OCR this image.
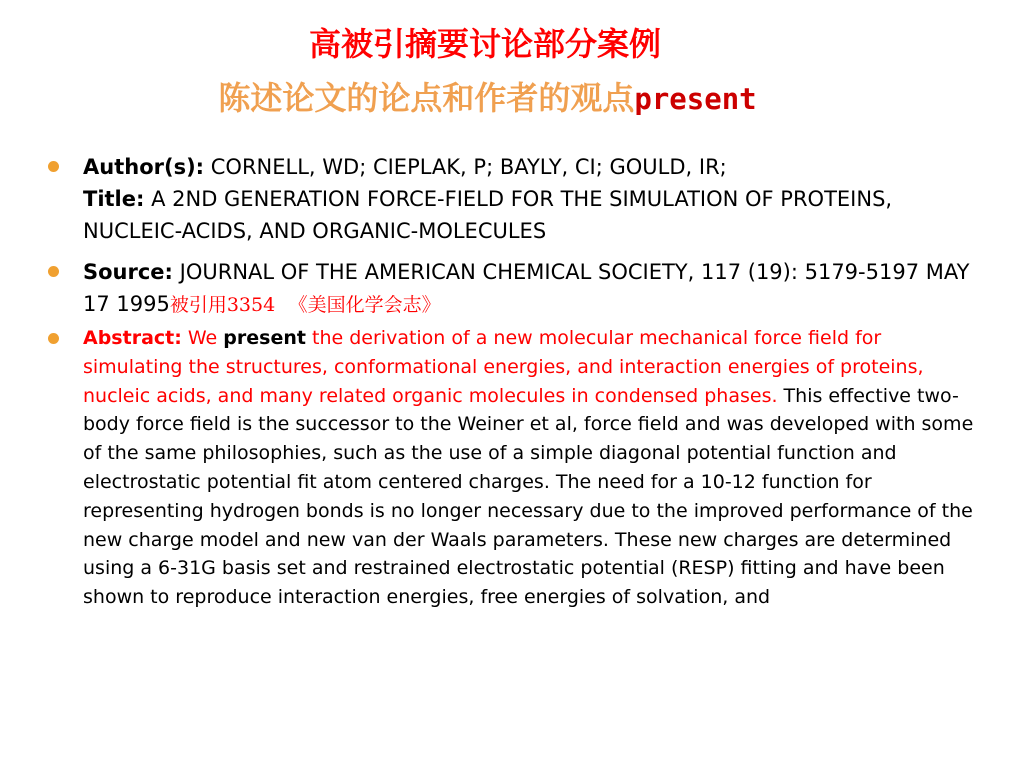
高被引摘要讨论部分案例
陈述论文的论点和作者的观点present
Author(s): CORNELL, WD; CIEPLAK, P; BAYLY, CI; GOULD, IR;
Title: A 2ND GENERATION FORCE-FIELD FOR THE SIMULATION OF PROTEINS, NUCLEIC-ACIDS, AND ORGANIC-MOLECULES
Source: JOURNAL OF THE AMERICAN CHEMICAL SOCIETY, 117 (19): 5179-5197 MAY 17 1995被引用3354 《美国化学会志》
Abstract: We present the derivation of a new molecular mechanical force field for simulating the structures, conformational energies, and interaction energies of proteins, nucleic acids, and many related organic molecules in condensed phases. This effective two-body force field is the successor to the Weiner et al, force field and was developed with some of the same philosophies, such as the use of a simple diagonal potential function and electrostatic potential fit atom centered charges. The need for a 10-12 function for representing hydrogen bonds is no longer necessary due to the improved performance of the new charge model and new van der Waals parameters. These new charges are determined using a 6-31G basis set and restrained electrostatic potential (RESP) fitting and have been shown to reproduce interaction energies, free energies of solvation, and
